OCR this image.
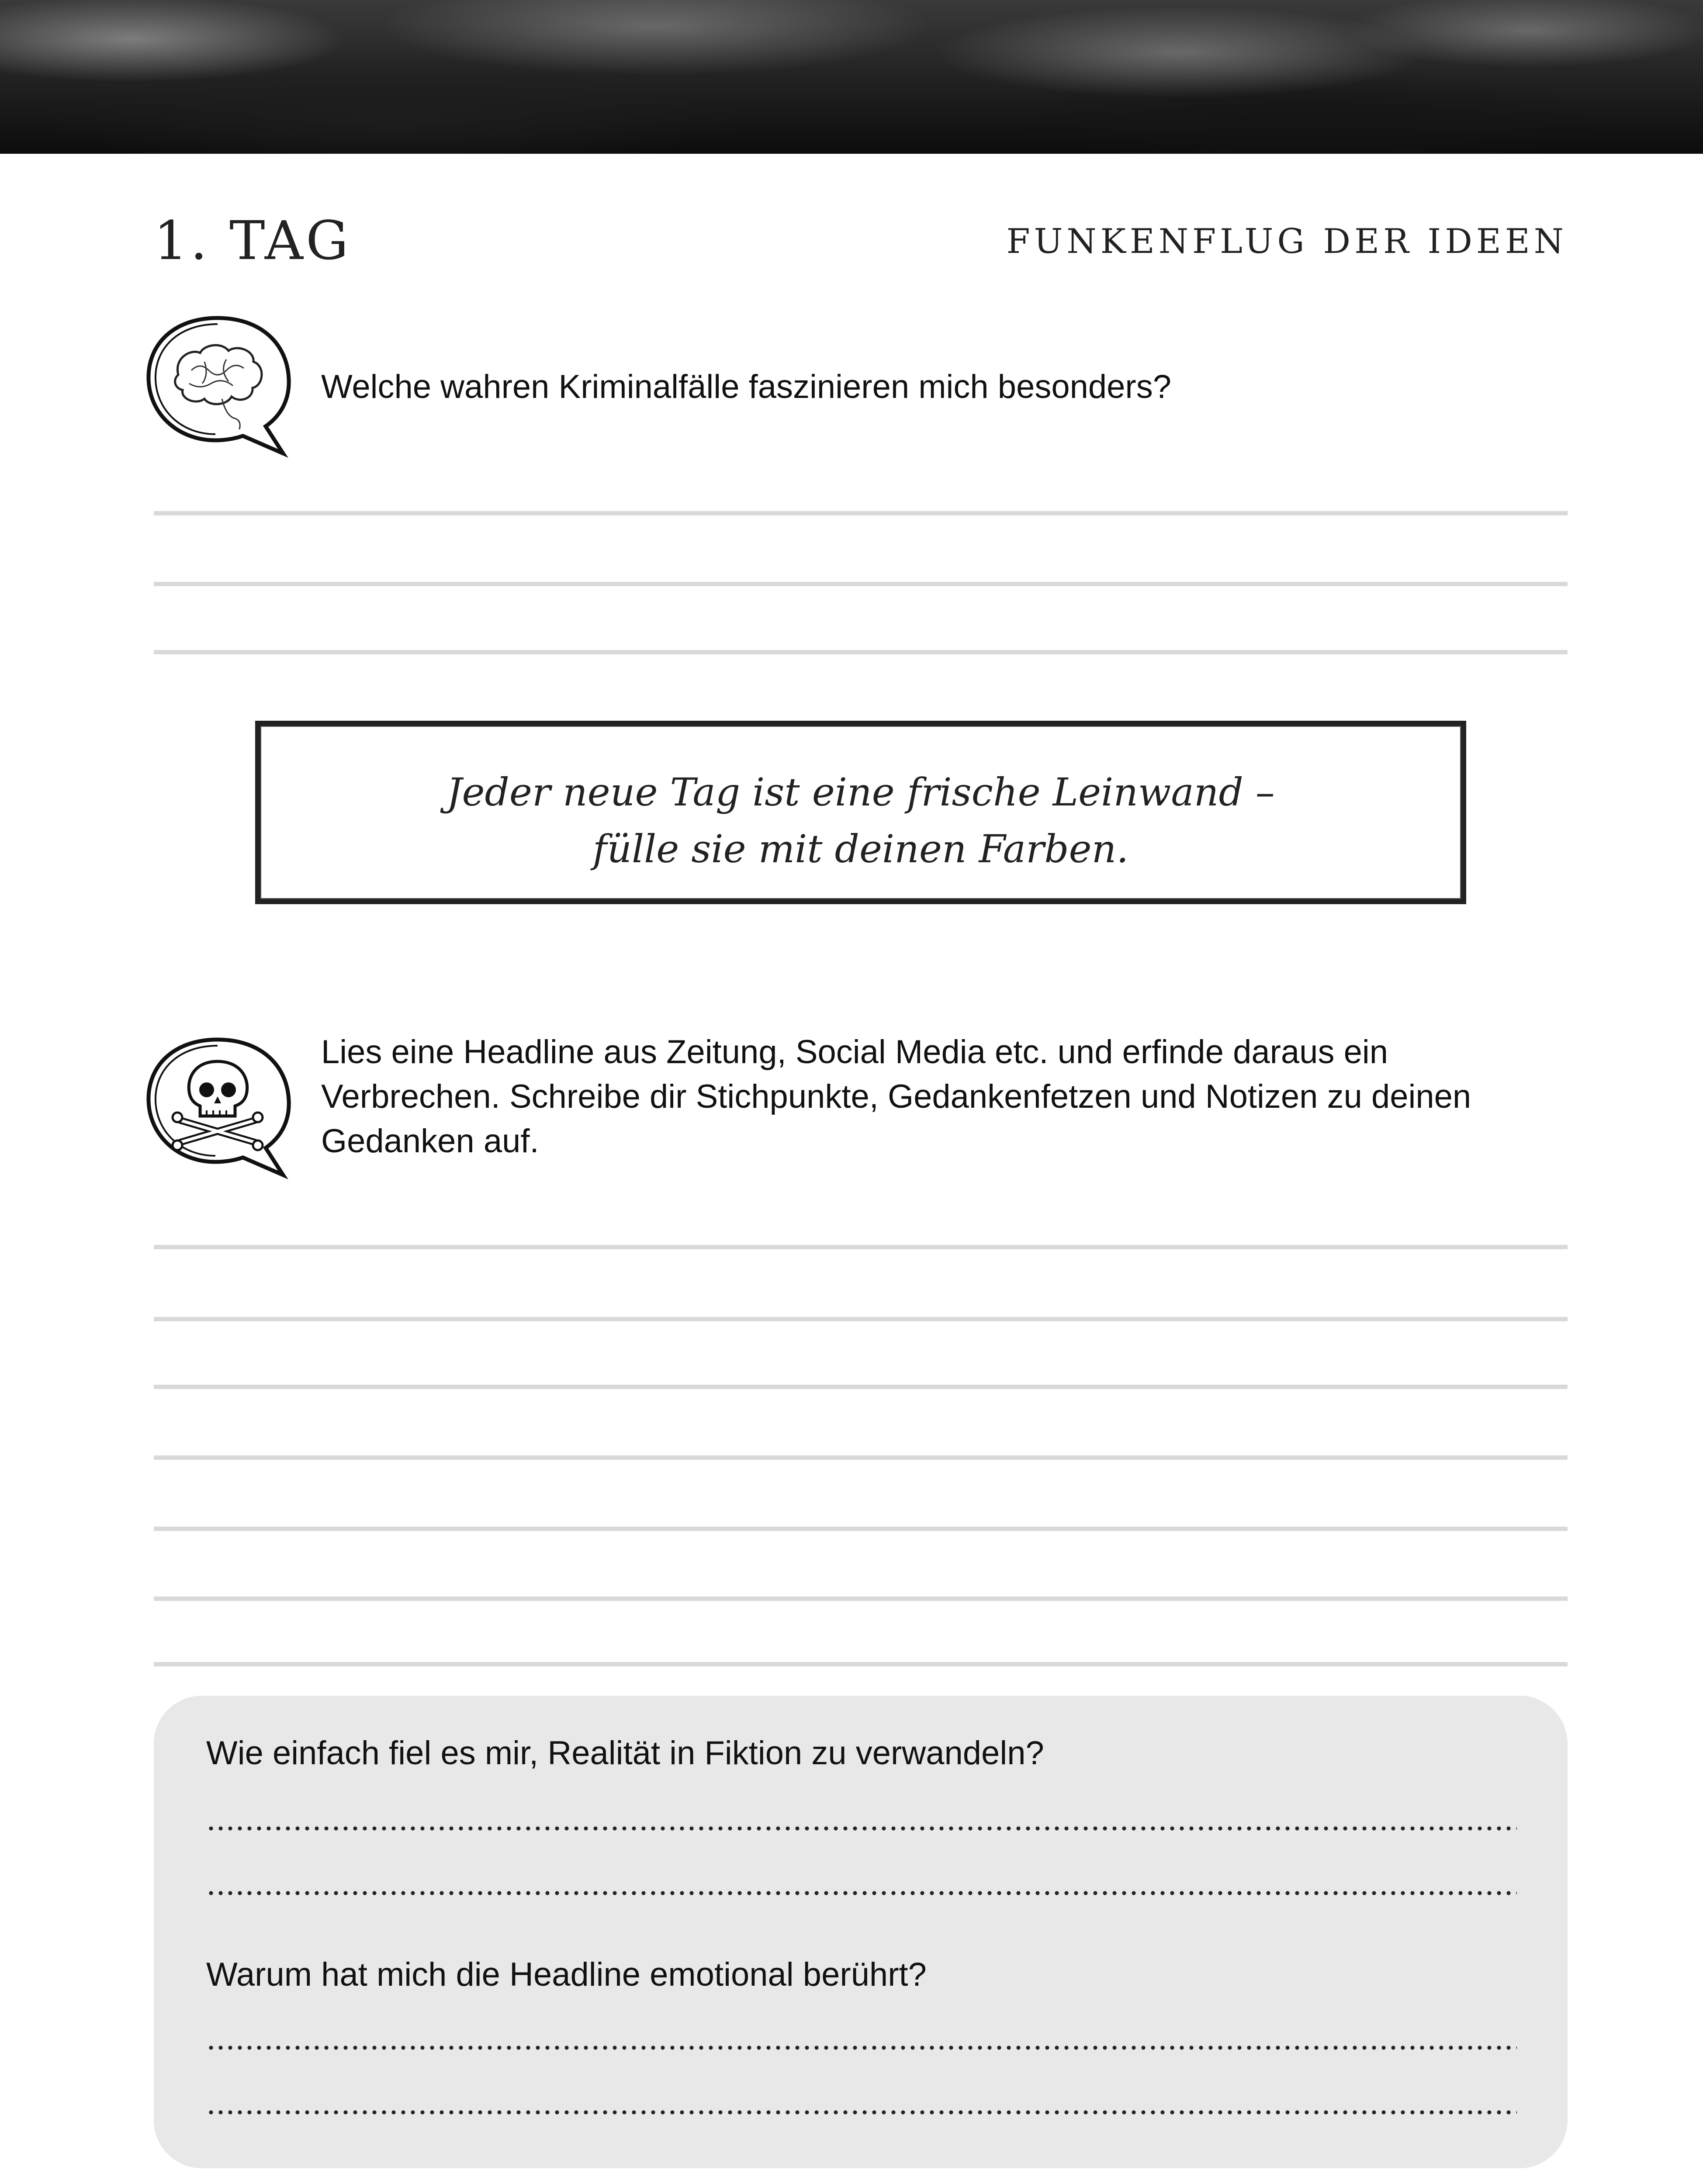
1. TAG	FUNKENFLUG DER IDEEN
Welche wahren Kriminalfälle faszinieren mich besonders?
Jeder neue Tag ist eine frische Leinwand –
fülle sie mit deinen Farben.
Lies eine Headline aus Zeitung, Social Media etc. und erfinde daraus ein
Verbrechen. Schreibe dir Stichpunkte, Gedankenfetzen und Notizen zu deinen
Gedanken auf.
Wie einfach fiel es mir, Realität in Fiktion zu verwandeln?
Warum hat mich die Headline emotional berührt?
